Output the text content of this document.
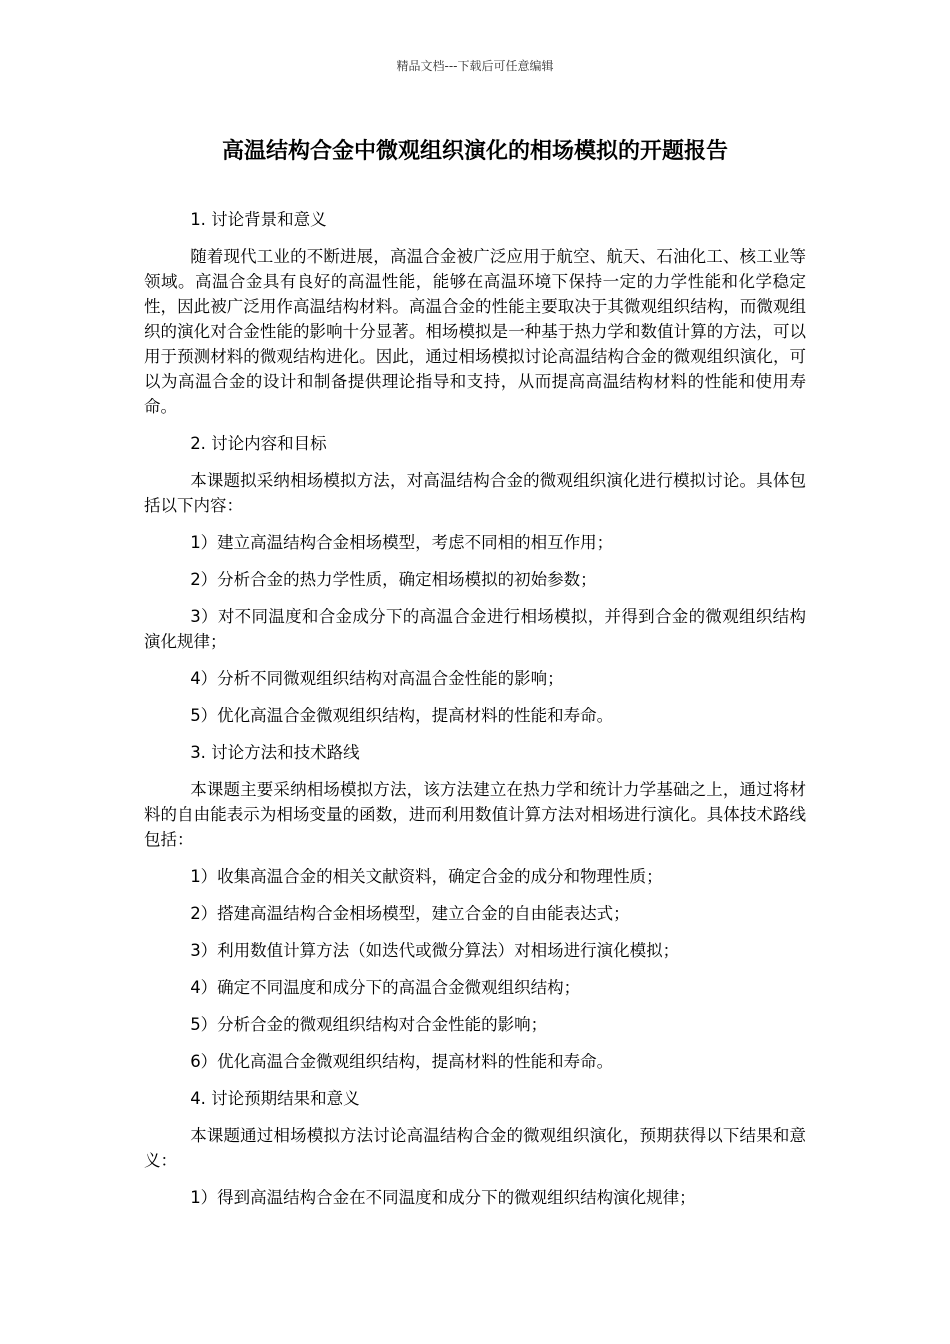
精品文档---下载后可任意编辑
高温结构合金中微观组织演化的相场模拟的开题报告

1. 讨论背景和意义

随着现代工业的不断进展，高温合金被广泛应用于航空、航天、石油化工、核工业等领域。高温合金具有良好的高温性能，能够在高温环境下保持一定的力学性能和化学稳定性，因此被广泛用作高温结构材料。高温合金的性能主要取决于其微观组织结构，而微观组织的演化对合金性能的影响十分显著。相场模拟是一种基于热力学和数值计算的方法，可以用于预测材料的微观结构进化。因此，通过相场模拟讨论高温结构合金的微观组织演化，可以为高温合金的设计和制备提供理论指导和支持，从而提高高温结构材料的性能和使用寿命。

2. 讨论内容和目标

本课题拟采纳相场模拟方法，对高温结构合金的微观组织演化进行模拟讨论。具体包括以下内容：

1）建立高温结构合金相场模型，考虑不同相的相互作用；

2）分析合金的热力学性质，确定相场模拟的初始参数；

3）对不同温度和合金成分下的高温合金进行相场模拟，并得到合金的微观组织结构演化规律；

4）分析不同微观组织结构对高温合金性能的影响；

5）优化高温合金微观组织结构，提高材料的性能和寿命。

3. 讨论方法和技术路线

本课题主要采纳相场模拟方法，该方法建立在热力学和统计力学基础之上，通过将材料的自由能表示为相场变量的函数，进而利用数值计算方法对相场进行演化。具体技术路线包括：

1）收集高温合金的相关文献资料，确定合金的成分和物理性质；

2）搭建高温结构合金相场模型，建立合金的自由能表达式；

3）利用数值计算方法（如迭代或微分算法）对相场进行演化模拟；

4）确定不同温度和成分下的高温合金微观组织结构；

5）分析合金的微观组织结构对合金性能的影响；

6）优化高温合金微观组织结构，提高材料的性能和寿命。

4. 讨论预期结果和意义

本课题通过相场模拟方法讨论高温结构合金的微观组织演化，预期获得以下结果和意义：

1）得到高温结构合金在不同温度和成分下的微观组织结构演化规律；
